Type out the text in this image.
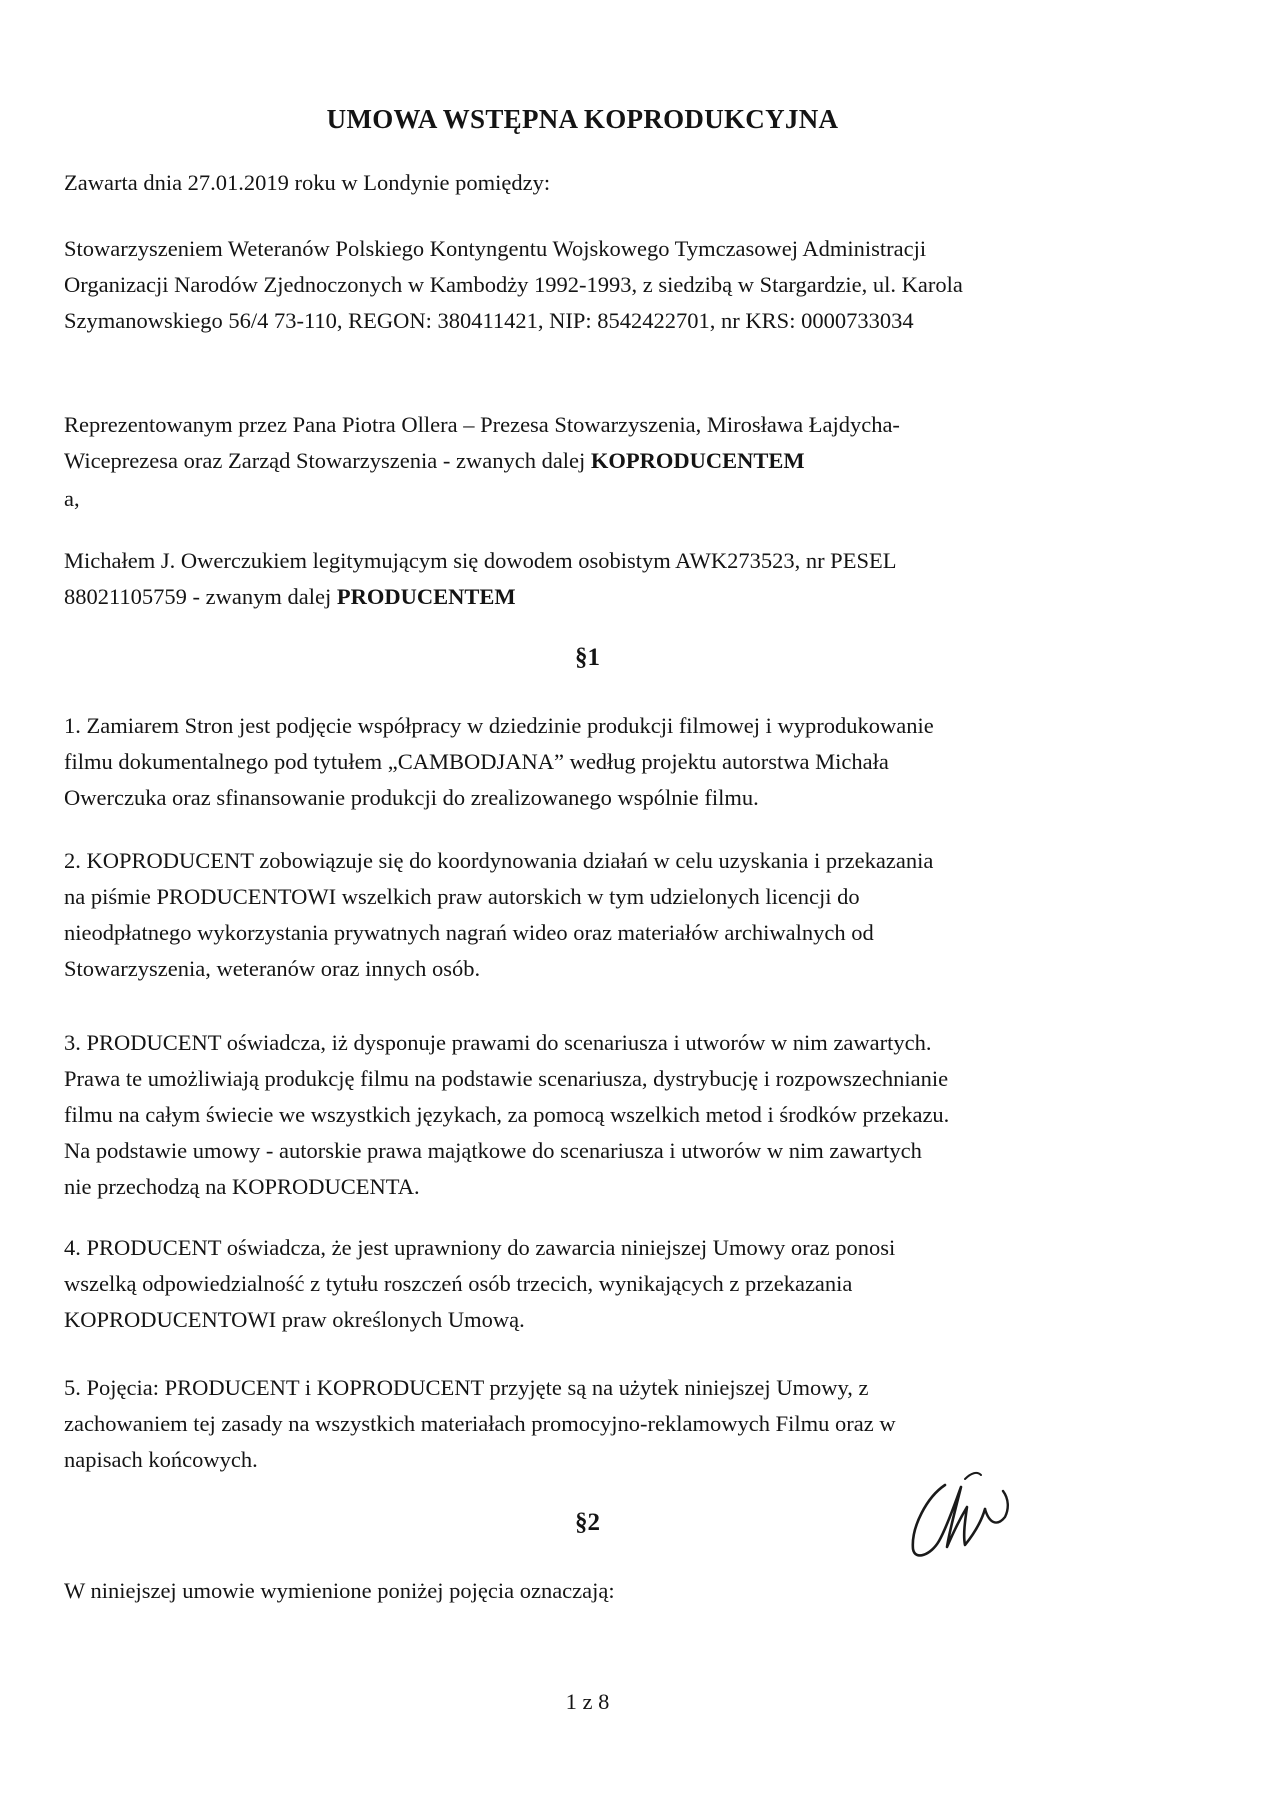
UMOWA WSTĘPNA KOPRODUKCYJNA

Zawarta dnia 27.01.2019 roku w Londynie pomiędzy:

Stowarzyszeniem Weteranów Polskiego Kontyngentu Wojskowego Tymczasowej Administracji

Organizacji Narodów Zjednoczonych w Kambodży 1992-1993, z siedzibą w Stargardzie, ul. Karola

Szymanowskiego 56/4 73-110, REGON: 380411421, NIP: 8542422701, nr KRS: 0000733034

Reprezentowanym przez Pana Piotra Ollera – Prezesa Stowarzyszenia, Mirosława Łajdycha-

Wiceprezesa oraz Zarząd Stowarzyszenia - zwanych dalej KOPRODUCENTEM

a,

Michałem J. Owerczukiem legitymującym się dowodem osobistym AWK273523, nr PESEL

88021105759 - zwanym dalej PRODUCENTEM

§1

1. Zamiarem Stron jest podjęcie współpracy w dziedzinie produkcji filmowej i wyprodukowanie

filmu dokumentalnego pod tytułem „CAMBODJANA” według projektu autorstwa Michała

Owerczuka oraz sfinansowanie produkcji do zrealizowanego wspólnie filmu.

2. KOPRODUCENT zobowiązuje się do koordynowania działań w celu uzyskania i przekazania

na piśmie PRODUCENTOWI wszelkich praw autorskich w tym udzielonych licencji do

nieodpłatnego wykorzystania prywatnych nagrań wideo oraz materiałów archiwalnych od

Stowarzyszenia, weteranów oraz innych osób.

3. PRODUCENT oświadcza, iż dysponuje prawami do scenariusza i utworów w nim zawartych.

Prawa te umożliwiają produkcję filmu na podstawie scenariusza, dystrybucję i rozpowszechnianie

filmu na całym świecie we wszystkich językach, za pomocą wszelkich metod i środków przekazu.

Na podstawie umowy - autorskie prawa majątkowe do scenariusza i utworów w nim zawartych

nie przechodzą na KOPRODUCENTA.

4. PRODUCENT oświadcza, że jest uprawniony do zawarcia niniejszej Umowy oraz ponosi

wszelką odpowiedzialność z tytułu roszczeń osób trzecich, wynikających z przekazania

KOPRODUCENTOWI praw określonych Umową.

5. Pojęcia: PRODUCENT i KOPRODUCENT przyjęte są na użytek niniejszej Umowy, z

zachowaniem tej zasady na wszystkich materiałach promocyjno-reklamowych Filmu oraz w

napisach końcowych.

§2

W niniejszej umowie wymienione poniżej pojęcia oznaczają:

1 z 8
